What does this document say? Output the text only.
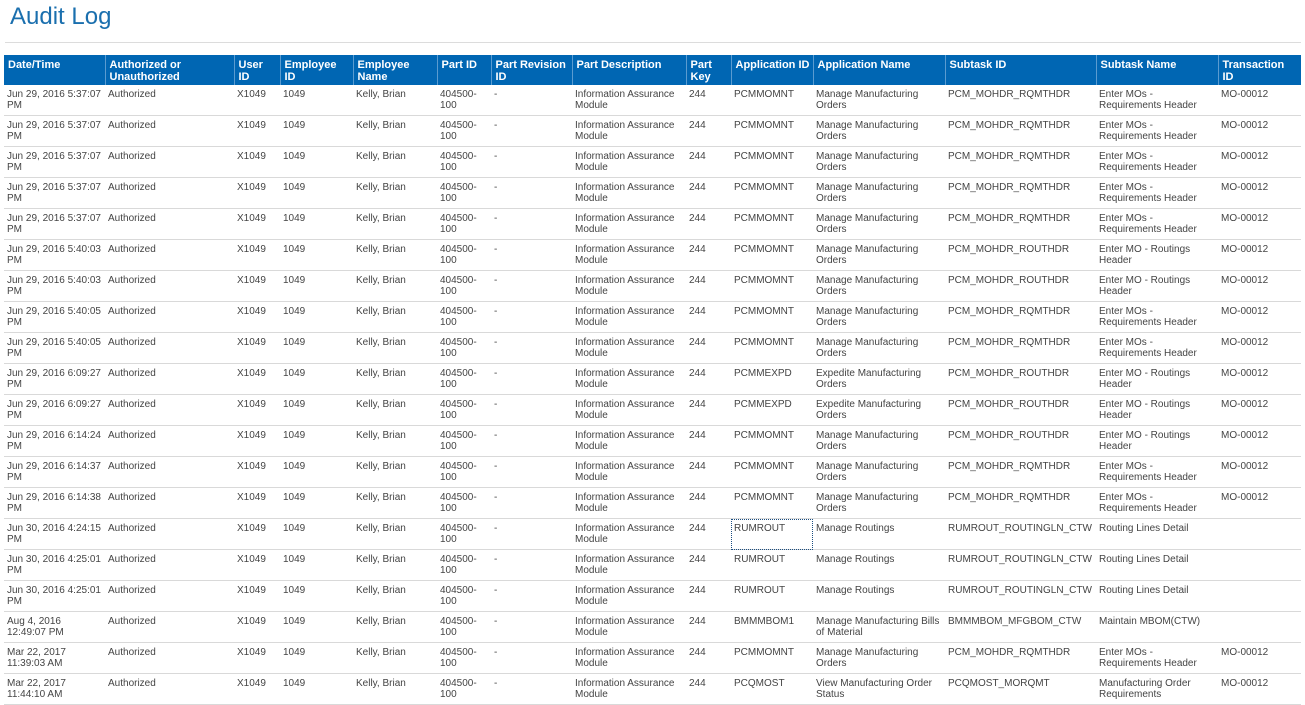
Audit Log
Date/Time	Authorized or Unauthorized	User ID	Employee ID	Employee Name	Part ID	Part Revision ID	Part Description	Part Key	Application ID	Application Name	Subtask ID	Subtask Name	Transaction ID
Jun 29, 2016 5:37:07 PM	Authorized	X1049	1049	Kelly, Brian	404500-100	-	Information Assurance Module	244	PCMMOMNT	Manage Manufacturing Orders	PCM_MOHDR_RQMTHDR	Enter MOs - Requirements Header	MO-00012
Jun 29, 2016 5:37:07 PM	Authorized	X1049	1049	Kelly, Brian	404500-100	-	Information Assurance Module	244	PCMMOMNT	Manage Manufacturing Orders	PCM_MOHDR_RQMTHDR	Enter MOs - Requirements Header	MO-00012
Jun 29, 2016 5:37:07 PM	Authorized	X1049	1049	Kelly, Brian	404500-100	-	Information Assurance Module	244	PCMMOMNT	Manage Manufacturing Orders	PCM_MOHDR_RQMTHDR	Enter MOs - Requirements Header	MO-00012
Jun 29, 2016 5:37:07 PM	Authorized	X1049	1049	Kelly, Brian	404500-100	-	Information Assurance Module	244	PCMMOMNT	Manage Manufacturing Orders	PCM_MOHDR_RQMTHDR	Enter MOs - Requirements Header	MO-00012
Jun 29, 2016 5:37:07 PM	Authorized	X1049	1049	Kelly, Brian	404500-100	-	Information Assurance Module	244	PCMMOMNT	Manage Manufacturing Orders	PCM_MOHDR_RQMTHDR	Enter MOs - Requirements Header	MO-00012
Jun 29, 2016 5:40:03 PM	Authorized	X1049	1049	Kelly, Brian	404500-100	-	Information Assurance Module	244	PCMMOMNT	Manage Manufacturing Orders	PCM_MOHDR_ROUTHDR	Enter MO - Routings Header	MO-00012
Jun 29, 2016 5:40:03 PM	Authorized	X1049	1049	Kelly, Brian	404500-100	-	Information Assurance Module	244	PCMMOMNT	Manage Manufacturing Orders	PCM_MOHDR_ROUTHDR	Enter MO - Routings Header	MO-00012
Jun 29, 2016 5:40:05 PM	Authorized	X1049	1049	Kelly, Brian	404500-100	-	Information Assurance Module	244	PCMMOMNT	Manage Manufacturing Orders	PCM_MOHDR_RQMTHDR	Enter MOs - Requirements Header	MO-00012
Jun 29, 2016 5:40:05 PM	Authorized	X1049	1049	Kelly, Brian	404500-100	-	Information Assurance Module	244	PCMMOMNT	Manage Manufacturing Orders	PCM_MOHDR_RQMTHDR	Enter MOs - Requirements Header	MO-00012
Jun 29, 2016 6:09:27 PM	Authorized	X1049	1049	Kelly, Brian	404500-100	-	Information Assurance Module	244	PCMMEXPD	Expedite Manufacturing Orders	PCM_MOHDR_ROUTHDR	Enter MO - Routings Header	MO-00012
Jun 29, 2016 6:09:27 PM	Authorized	X1049	1049	Kelly, Brian	404500-100	-	Information Assurance Module	244	PCMMEXPD	Expedite Manufacturing Orders	PCM_MOHDR_ROUTHDR	Enter MO - Routings Header	MO-00012
Jun 29, 2016 6:14:24 PM	Authorized	X1049	1049	Kelly, Brian	404500-100	-	Information Assurance Module	244	PCMMOMNT	Manage Manufacturing Orders	PCM_MOHDR_ROUTHDR	Enter MO - Routings Header	MO-00012
Jun 29, 2016 6:14:37 PM	Authorized	X1049	1049	Kelly, Brian	404500-100	-	Information Assurance Module	244	PCMMOMNT	Manage Manufacturing Orders	PCM_MOHDR_RQMTHDR	Enter MOs - Requirements Header	MO-00012
Jun 29, 2016 6:14:38 PM	Authorized	X1049	1049	Kelly, Brian	404500-100	-	Information Assurance Module	244	PCMMOMNT	Manage Manufacturing Orders	PCM_MOHDR_RQMTHDR	Enter MOs - Requirements Header	MO-00012
Jun 30, 2016 4:24:15 PM	Authorized	X1049	1049	Kelly, Brian	404500-100	-	Information Assurance Module	244	RUMROUT	Manage Routings	RUMROUT_ROUTINGLN_CTW	Routing Lines Detail	
Jun 30, 2016 4:25:01 PM	Authorized	X1049	1049	Kelly, Brian	404500-100	-	Information Assurance Module	244	RUMROUT	Manage Routings	RUMROUT_ROUTINGLN_CTW	Routing Lines Detail	
Jun 30, 2016 4:25:01 PM	Authorized	X1049	1049	Kelly, Brian	404500-100	-	Information Assurance Module	244	RUMROUT	Manage Routings	RUMROUT_ROUTINGLN_CTW	Routing Lines Detail	
Aug 4, 2016 12:49:07 PM	Authorized	X1049	1049	Kelly, Brian	404500-100	-	Information Assurance Module	244	BMMMBOM1	Manage Manufacturing Bills of Material	BMMMBOM_MFGBOM_CTW	Maintain MBOM(CTW)	
Mar 22, 2017 11:39:03 AM	Authorized	X1049	1049	Kelly, Brian	404500-100	-	Information Assurance Module	244	PCMMOMNT	Manage Manufacturing Orders	PCM_MOHDR_RQMTHDR	Enter MOs - Requirements Header	MO-00012
Mar 22, 2017 11:44:10 AM	Authorized	X1049	1049	Kelly, Brian	404500-100	-	Information Assurance Module	244	PCQMOST	View Manufacturing Order Status	PCQMOST_MORQMT	Manufacturing Order Requirements	MO-00012
